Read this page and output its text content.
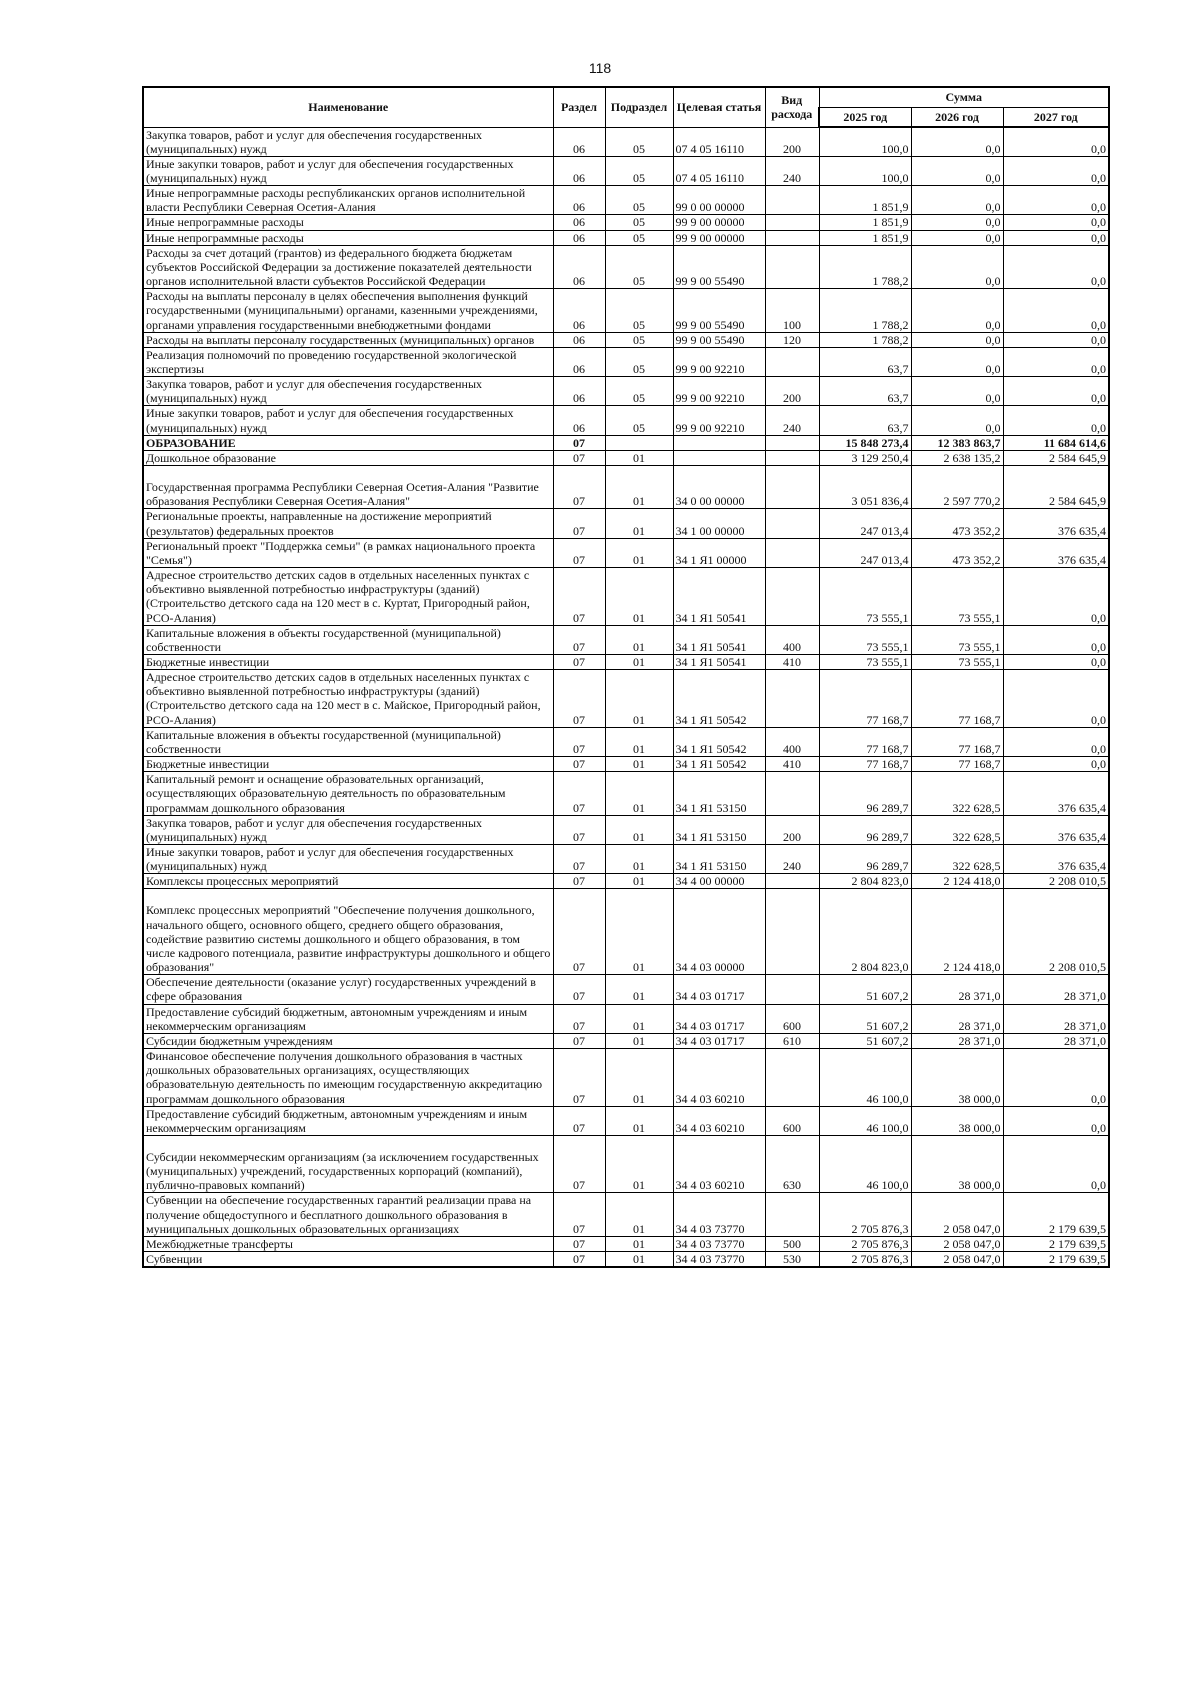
118
Наименование	Раздел	Подраздел	Целевая статья	Вид расхода	Сумма		
					2025 год	2026 год	2027 год
Закупка товаров, работ и услуг для обеспечения государственных (муниципальных) нужд	06	05	07 4 05 16110	200	100,0	0,0	0,0
Иные закупки товаров, работ и услуг для обеспечения государственных (муниципальных) нужд	06	05	07 4 05 16110	240	100,0	0,0	0,0
Иные непрограммные расходы республиканских органов исполнительной власти Республики Северная Осетия-Алания	06	05	99 0 00 00000		1 851,9	0,0	0,0
Иные непрограммные расходы	06	05	99 9 00 00000		1 851,9	0,0	0,0
Иные непрограммные расходы	06	05	99 9 00 00000		1 851,9	0,0	0,0
Расходы за счет дотаций (грантов) из федерального бюджета бюджетам субъектов Российской Федерации за достижение показателей деятельности органов исполнительной власти субъектов Российской Федерации	06	05	99 9 00 55490		1 788,2	0,0	0,0
Расходы на выплаты персоналу в целях обеспечения выполнения функций государственными (муниципальными) органами, казенными учреждениями, органами управления государственными внебюджетными фондами	06	05	99 9 00 55490	100	1 788,2	0,0	0,0
Расходы на выплаты персоналу государственных (муниципальных) органов	06	05	99 9 00 55490	120	1 788,2	0,0	0,0
Реализация полномочий по проведению государственной экологической экспертизы	06	05	99 9 00 92210		63,7	0,0	0,0
Закупка товаров, работ и услуг для обеспечения государственных (муниципальных) нужд	06	05	99 9 00 92210	200	63,7	0,0	0,0
Иные закупки товаров, работ и услуг для обеспечения государственных (муниципальных) нужд	06	05	99 9 00 92210	240	63,7	0,0	0,0
ОБРАЗОВАНИЕ	07				15 848 273,4	12 383 863,7	11 684 614,6
Дошкольное образование	07	01			3 129 250,4	2 638 135,2	2 584 645,9
Государственная программа Республики Северная Осетия-Алания "Развитие образования Республики Северная Осетия-Алания"	07	01	34 0 00 00000		3 051 836,4	2 597 770,2	2 584 645,9
Региональные проекты, направленные на достижение мероприятий (результатов) федеральных проектов	07	01	34 1 00 00000		247 013,4	473 352,2	376 635,4
Региональный проект "Поддержка семьи" (в рамках национального проекта "Семья")	07	01	34 1 Я1 00000		247 013,4	473 352,2	376 635,4
Адресное строительство детских садов в отдельных населенных пунктах с объективно выявленной потребностью инфраструктуры (зданий)(Строительство детского сада на 120 мест в с. Куртат, Пригородный район, РСО-Алания)	07	01	34 1 Я1 50541		73 555,1	73 555,1	0,0
Капитальные вложения в объекты государственной (муниципальной) собственности	07	01	34 1 Я1 50541	400	73 555,1	73 555,1	0,0
Бюджетные инвестиции	07	01	34 1 Я1 50541	410	73 555,1	73 555,1	0,0
Адресное строительство детских садов в отдельных населенных пунктах с объективно выявленной потребностью инфраструктуры (зданий) (Строительство детского сада на 120 мест в с. Майское, Пригородный район, РСО-Алания)	07	01	34 1 Я1 50542		77 168,7	77 168,7	0,0
Капитальные вложения в объекты государственной (муниципальной) собственности	07	01	34 1 Я1 50542	400	77 168,7	77 168,7	0,0
Бюджетные инвестиции	07	01	34 1 Я1 50542	410	77 168,7	77 168,7	0,0
Капитальный ремонт и оснащение образовательных организаций, осуществляющих образовательную деятельность по образовательным программам дошкольного образования	07	01	34 1 Я1 53150		96 289,7	322 628,5	376 635,4
Закупка товаров, работ и услуг для обеспечения государственных (муниципальных) нужд	07	01	34 1 Я1 53150	200	96 289,7	322 628,5	376 635,4
Иные закупки товаров, работ и услуг для обеспечения государственных (муниципальных) нужд	07	01	34 1 Я1 53150	240	96 289,7	322 628,5	376 635,4
Комплексы процессных мероприятий	07	01	34 4 00 00000		2 804 823,0	2 124 418,0	2 208 010,5
Комплекс процессных мероприятий "Обеспечение получения дошкольного, начального общего, основного общего, среднего общего образования, содействие развитию системы дошкольного и общего образования, в том числе кадрового потенциала, развитие инфраструктуры дошкольного и общего образования"	07	01	34 4 03 00000		2 804 823,0	2 124 418,0	2 208 010,5
Обеспечение деятельности (оказание услуг) государственных учреждений в сфере образования	07	01	34 4 03 01717		51 607,2	28 371,0	28 371,0
Предоставление субсидий бюджетным, автономным учреждениям и иным некоммерческим организациям	07	01	34 4 03 01717	600	51 607,2	28 371,0	28 371,0
Субсидии бюджетным учреждениям	07	01	34 4 03 01717	610	51 607,2	28 371,0	28 371,0
Финансовое обеспечение получения дошкольного образования в частных дошкольных образовательных организациях, осуществляющих образовательную деятельность по имеющим государственную аккредитацию программам дошкольного образования	07	01	34 4 03 60210		46 100,0	38 000,0	0,0
Предоставление субсидий бюджетным, автономным учреждениям и иным некоммерческим организациям	07	01	34 4 03 60210	600	46 100,0	38 000,0	0,0
Субсидии некоммерческим организациям (за исключением государственных (муниципальных) учреждений, государственных корпораций (компаний), публично-правовых компаний)	07	01	34 4 03 60210	630	46 100,0	38 000,0	0,0
Субвенции на обеспечение государственных гарантий реализации права на получение общедоступного и бесплатного дошкольного образования в муниципальных дошкольных образовательных организациях	07	01	34 4 03 73770		2 705 876,3	2 058 047,0	2 179 639,5
Межбюджетные трансферты	07	01	34 4 03 73770	500	2 705 876,3	2 058 047,0	2 179 639,5
Субвенции	07	01	34 4 03 73770	530	2 705 876,3	2 058 047,0	2 179 639,5
